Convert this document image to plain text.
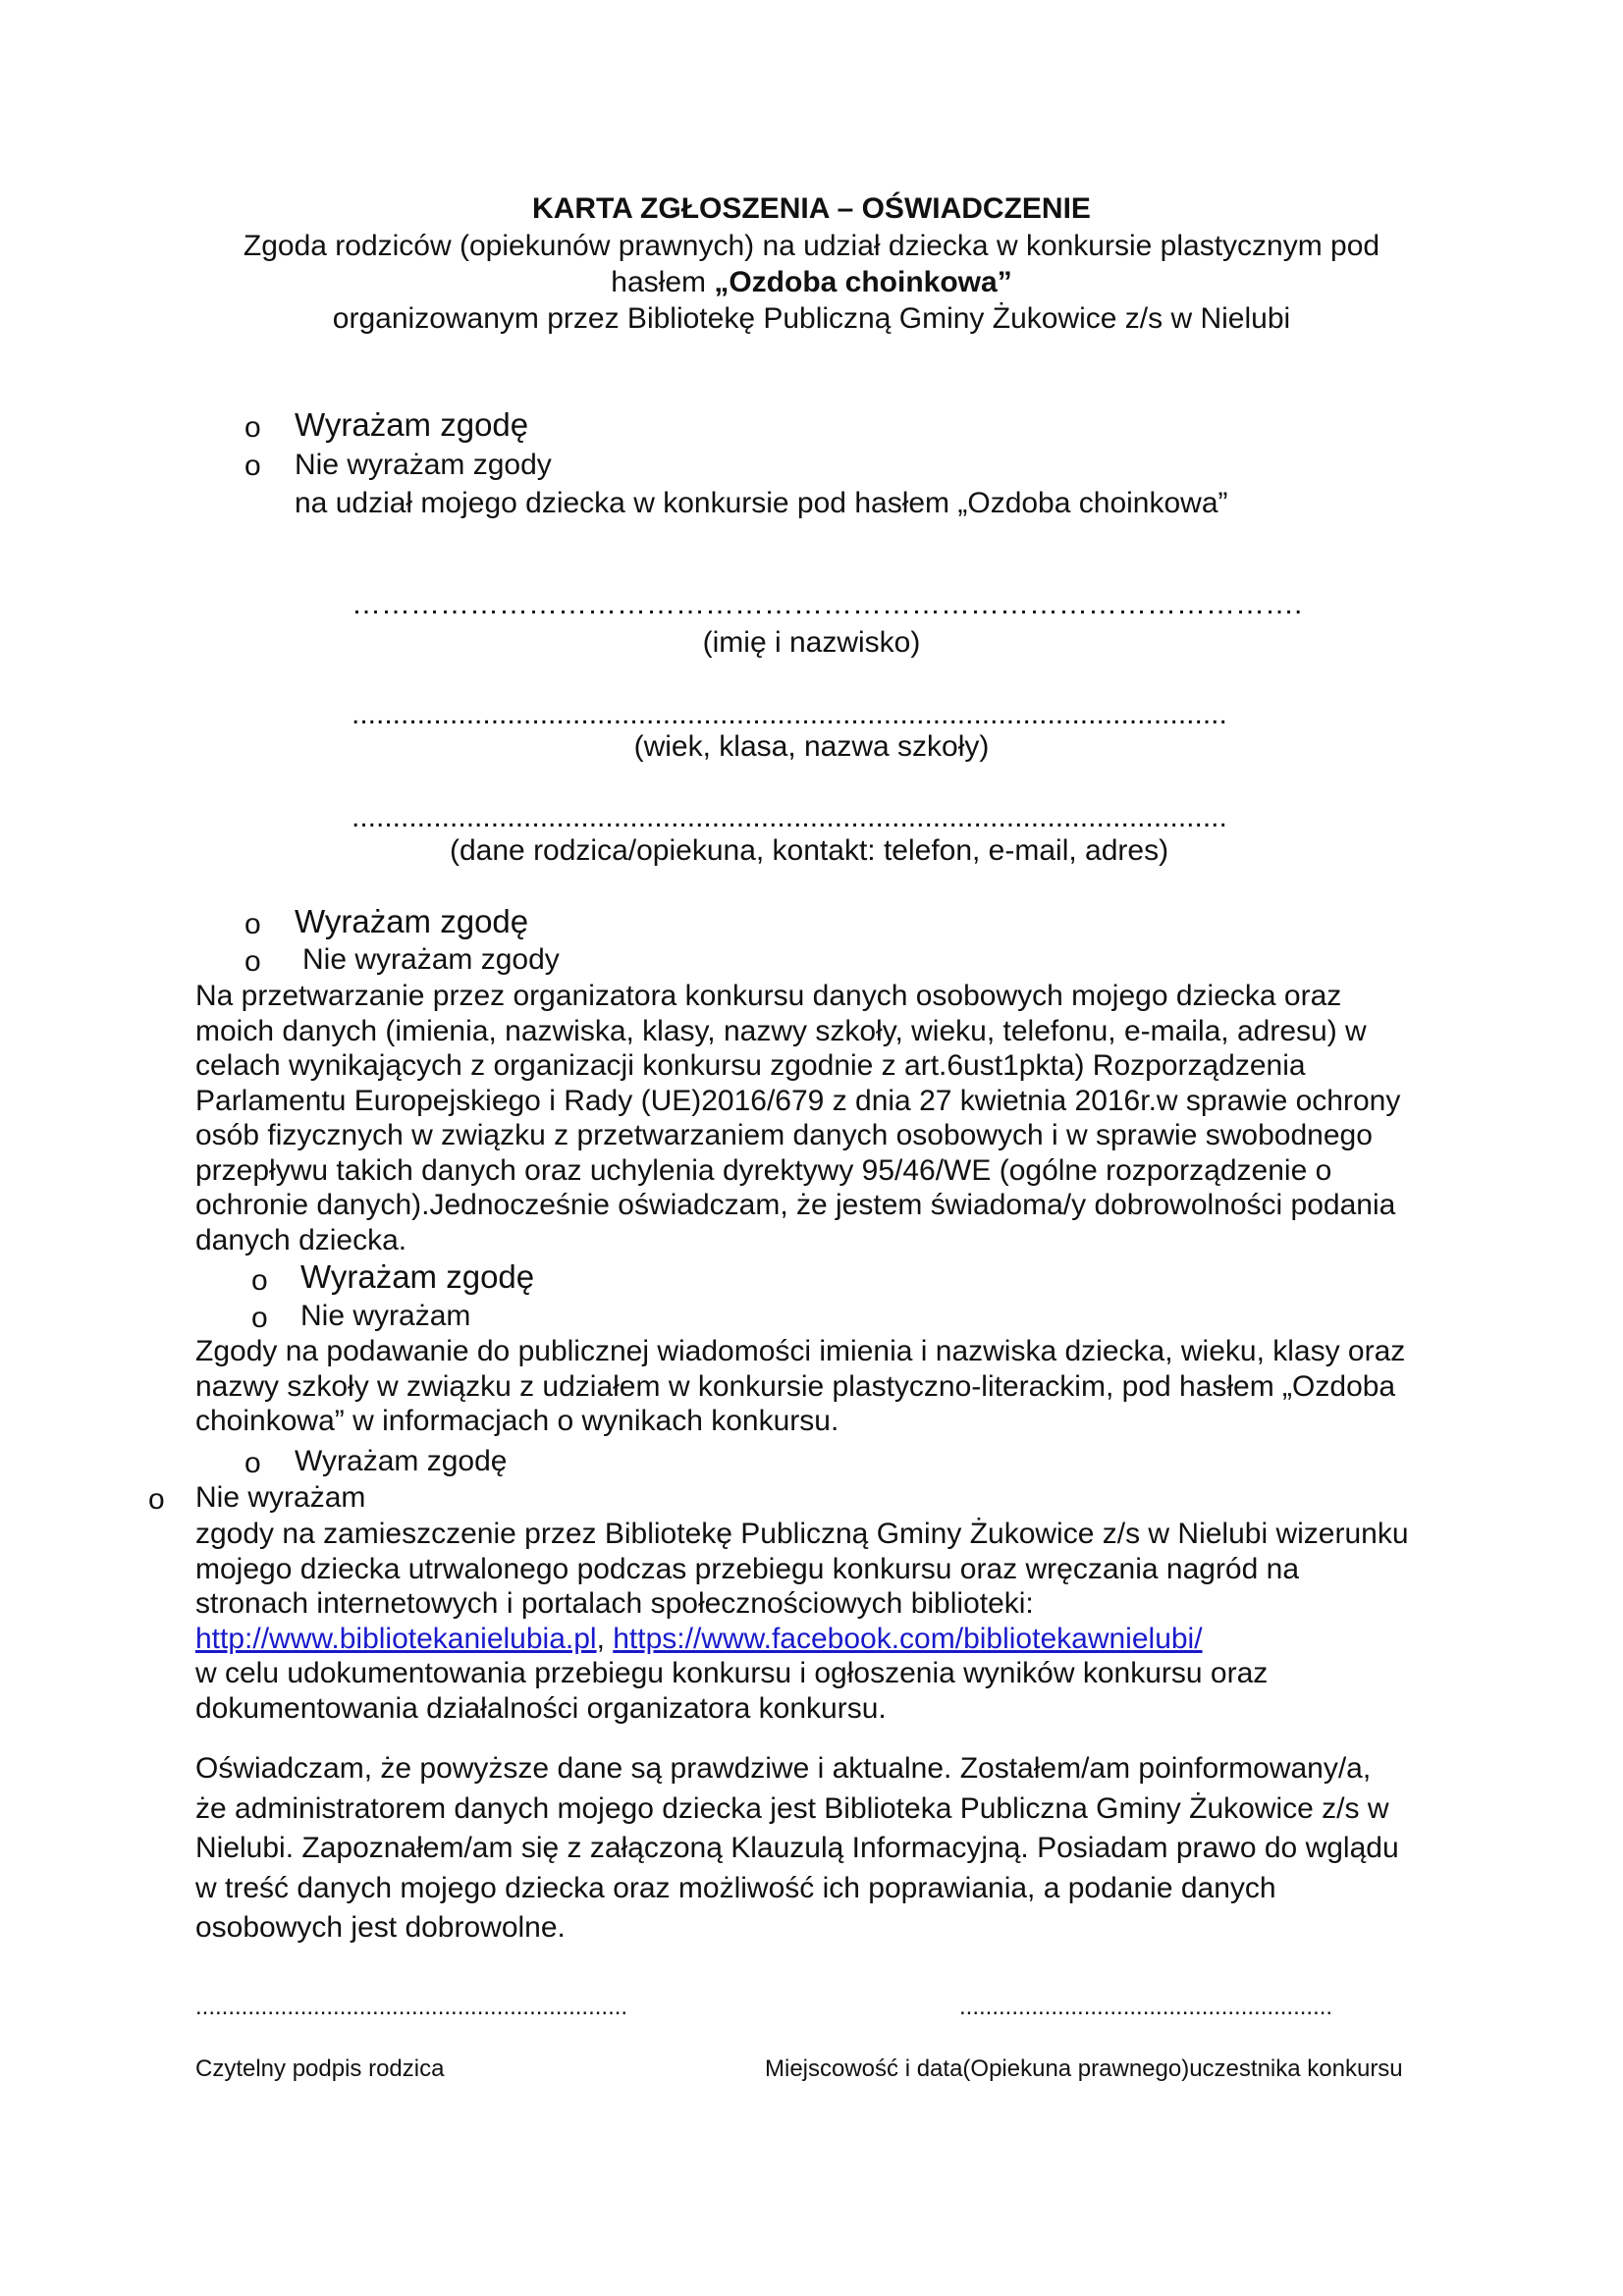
KARTA ZGŁOSZENIA – OŚWIADCZENIE
Zgoda rodziców (opiekunów prawnych) na udział dziecka w konkursie plastycznym pod
hasłem „Ozdoba choinkowa”
organizowanym przez Bibliotekę Publiczną Gminy Żukowice z/s w Nielubi
o Wyrażam zgodę
o Nie wyrażam zgody
na udział mojego dziecka w konkursie pod hasłem „Ozdoba choinkowa”
…………………………………………………………………………………….
(imię i nazwisko)
...........................................................................................................
(wiek, klasa, nazwa szkoły)
...........................................................................................................
(dane rodzica/opiekuna, kontakt: telefon, e-mail, adres)
o Wyrażam zgodę
o Nie wyrażam zgody
Na przetwarzanie przez organizatora konkursu danych osobowych mojego dziecka oraz
moich danych (imienia, nazwiska, klasy, nazwy szkoły, wieku, telefonu, e-maila, adresu) w
celach wynikających z organizacji konkursu zgodnie z art.6ust1pkta) Rozporządzenia
Parlamentu Europejskiego i Rady (UE)2016/679 z dnia 27 kwietnia 2016r.w sprawie ochrony
osób fizycznych w związku z przetwarzaniem danych osobowych i w sprawie swobodnego
przepływu takich danych oraz uchylenia dyrektywy 95/46/WE (ogólne rozporządzenie o
ochronie danych).Jednocześnie oświadczam, że jestem świadoma/y dobrowolności podania
danych dziecka.
o Wyrażam zgodę
o Nie wyrażam
Zgody na podawanie do publicznej wiadomości imienia i nazwiska dziecka, wieku, klasy oraz
nazwy szkoły w związku z udziałem w konkursie plastyczno-literackim, pod hasłem „Ozdoba
choinkowa” w informacjach o wynikach konkursu.
o Wyrażam zgodę
o Nie wyrażam
zgody na zamieszczenie przez Bibliotekę Publiczną Gminy Żukowice z/s w Nielubi wizerunku
mojego dziecka utrwalonego podczas przebiegu konkursu oraz wręczania nagród na
stronach internetowych i portalach społecznościowych biblioteki:
http://www.bibliotekanielubia.pl, https://www.facebook.com/bibliotekawnielubi/
w celu udokumentowania przebiegu konkursu i ogłoszenia wyników konkursu oraz
dokumentowania działalności organizatora konkursu.
Oświadczam, że powyższe dane są prawdziwe i aktualne. Zostałem/am poinformowany/a,
że administratorem danych mojego dziecka jest Biblioteka Publiczna Gminy Żukowice z/s w
Nielubi. Zapoznałem/am się z załączoną Klauzulą Informacyjną. Posiadam prawo do wglądu
w treść danych mojego dziecka oraz możliwość ich poprawiania, a podanie danych
osobowych jest dobrowolne.
..................................................................	.........................................................
Czytelny podpis rodzica	Miejscowość i data(Opiekuna prawnego)uczestnika konkursu
